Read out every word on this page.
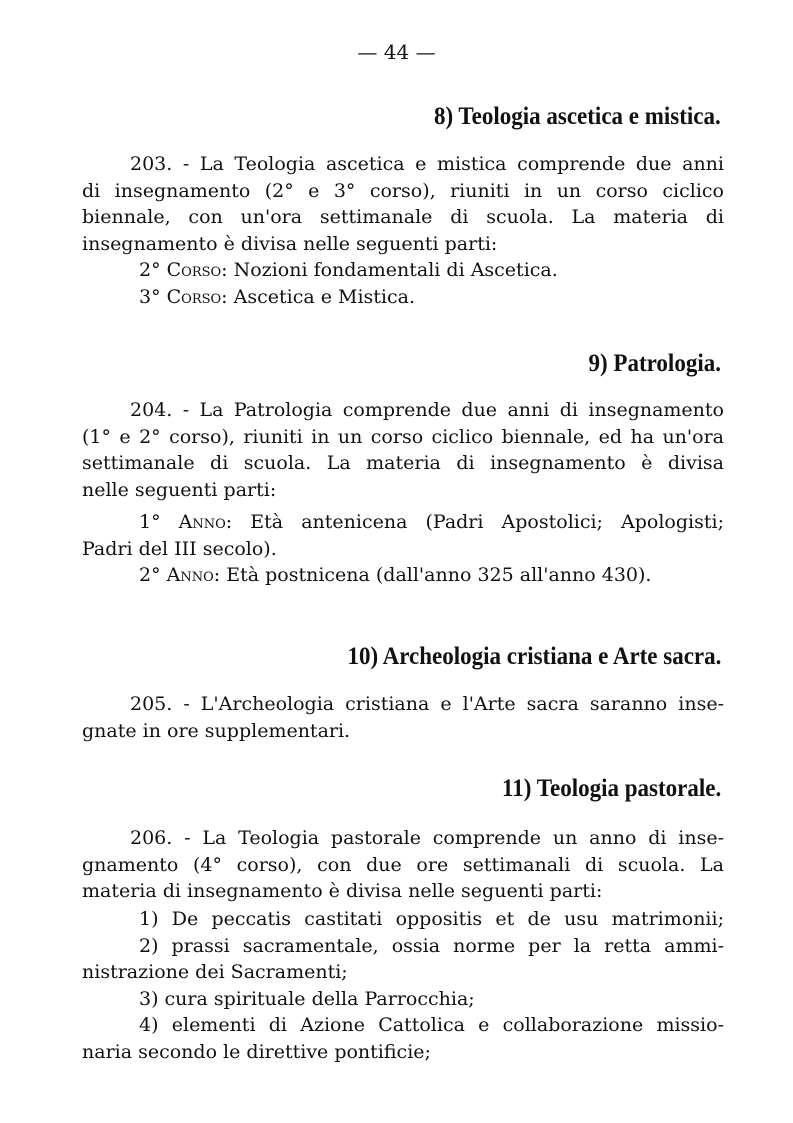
— 44 —
8) Teologia ascetica e mistica.
203. - La Teologia ascetica e mistica comprende due anni
di insegnamento (2° e 3° corso), riuniti in un corso ciclico
biennale, con un'ora settimanale di scuola. La materia di
insegnamento è divisa nelle seguenti parti:
2° Corso: Nozioni fondamentali di Ascetica.
3° Corso: Ascetica e Mistica.
9) Patrologia.
204. - La Patrologia comprende due anni di insegnamento
(1° e 2° corso), riuniti in un corso ciclico biennale, ed ha un'ora
settimanale di scuola. La materia di insegnamento è divisa
nelle seguenti parti:
1° Anno: Età antenicena (Padri Apostolici; Apologisti;
Padri del III secolo).
2° Anno: Età postnicena (dall'anno 325 all'anno 430).
10) Archeologia cristiana e Arte sacra.
205. - L'Archeologia cristiana e l'Arte sacra saranno inse-
gnate in ore supplementari.
11) Teologia pastorale.
206. - La Teologia pastorale comprende un anno di inse-
gnamento (4° corso), con due ore settimanali di scuola. La
materia di insegnamento è divisa nelle seguenti parti:
1) De peccatis castitati oppositis et de usu matrimonii;
2) prassi sacramentale, ossia norme per la retta ammi-
nistrazione dei Sacramenti;
3) cura spirituale della Parrocchia;
4) elementi di Azione Cattolica e collaborazione missio-
naria secondo le direttive pontificie;
